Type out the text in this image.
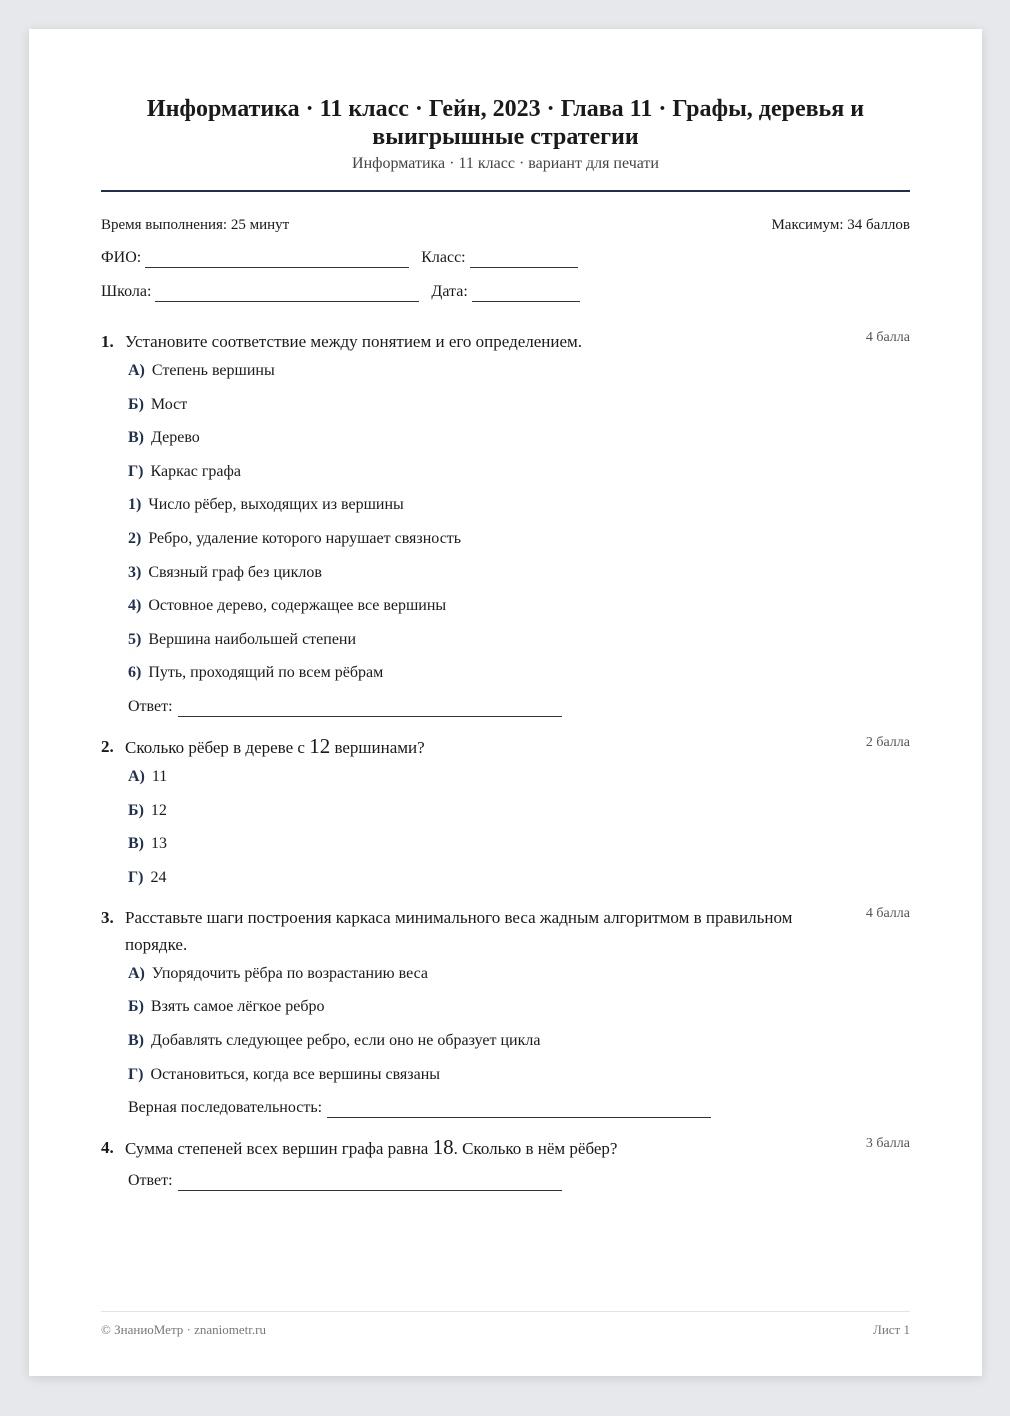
Информатика · 11 класс · Гейн, 2023 · Глава 11 · Графы, деревья и выигрышные стратегии
Информатика · 11 класс · вариант для печати
Время выполнения: 25 минут	Максимум: 34 баллов
ФИО:	Класс:
Школа:	Дата:
1. Установите соответствие между понятием и его определением.	4 балла
А) Степень вершины
Б) Мост
В) Дерево
Г) Каркас графа
1) Число рёбер, выходящих из вершины
2) Ребро, удаление которого нарушает связность
3) Связный граф без циклов
4) Остовное дерево, содержащее все вершины
5) Вершина наибольшей степени
6) Путь, проходящий по всем рёбрам
Ответ:
2. Сколько рёбер в дереве с 12 вершинами?	2 балла
А) 11
Б) 12
В) 13
Г) 24
3. Расставьте шаги построения каркаса минимального веса жадным алгоритмом в правильном порядке.
4 балла
А) Упорядочить рёбра по возрастанию веса
Б) Взять самое лёгкое ребро
В) Добавлять следующее ребро, если оно не образует цикла
Г) Остановиться, когда все вершины связаны
Верная последовательность:
4. Сумма степеней всех вершин графа равна 18. Сколько в нём рёбер?	3 балла
Ответ:
© ЗнаниоМетр · znaniometr.ru	Лист 1
